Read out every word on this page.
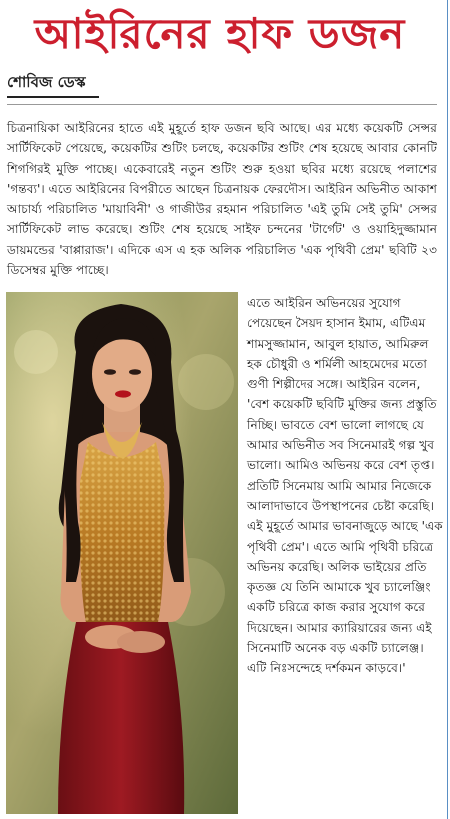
আইরিনের হাফ ডজন
শোবিজ ডেস্ক
চিত্রনায়িকা আইরিনের হাতে এই মুহূর্তে হাফ ডজন ছবি আছে। এর মধ্যে কয়েকটি সেন্সর সার্টিফিকেট পেয়েছে, কয়েকটির শুটিং চলছে, কয়েকটির শুটিং শেষ হয়েছে আবার কোনটি শিগগিরই মুক্তি পাচ্ছে। একেবারেই নতুন শুটিং শুরু হওয়া ছবির মধ্যে রয়েছে পলাশের 'গন্তব্য'। এতে আইরিনের বিপরীতে আছেন চিত্রনায়ক ফেরদৌস। আইরিন অভিনীত আকাশ আচার্য্য পরিচালিত 'মায়াবিনী' ও গাজীউর রহমান পরিচালিত 'এই তুমি সেই তুমি' সেন্সর সার্টিফিকেট লাভ করেছে। শুটিং শেষ হয়েছে সাইফ চন্দনের 'টার্গেট' ও ওয়াহিদুজ্জামান ডায়মন্ডের 'বাপ্পারাজ'। এদিকে এস এ হক অলিক পরিচালিত 'এক পৃথিবী প্রেম' ছবিটি ২৩ ডিসেম্বর মুক্তি পাচ্ছে।
এতে আইরিন অভিনয়ের সুযোগ পেয়েছেন সৈয়দ হাসান ইমাম, এটিএম শামসুজ্জামান, আবুল হায়াত, আমিরুল হক চৌধুরী ও শর্মিলী আহমেদের মতো গুণী শিল্পীদের সঙ্গে। আইরিন বলেন, 'বেশ কয়েকটি ছবিটি মুক্তির জন্য প্রস্তুতি নিচ্ছি। ভাবতে বেশ ভালো লাগছে যে আমার অভিনীত সব সিনেমারই গল্প খুব ভালো। আমিও অভিনয় করে বেশ তৃপ্ত। প্রতিটি সিনেমায় আমি আমার নিজেকে আলাদাভাবে উপস্থাপনের চেষ্টা করেছি। এই মুহূর্তে আমার ভাবনাজুড়ে আছে 'এক পৃথিবী প্রেম'। এতে আমি পৃথিবী চরিত্রে অভিনয় করেছি। অলিক ভাইয়ের প্রতি কৃতজ্ঞ যে তিনি আমাকে খুব চ্যালেঞ্জিং একটি চরিত্রে কাজ করার সুযোগ করে দিয়েছেন। আমার ক্যারিয়ারের জন্য এই সিনেমাটি অনেক বড় একটি চ্যালেঞ্জ। এটি নিঃসন্দেহে দর্শকমন কাড়বে।'
